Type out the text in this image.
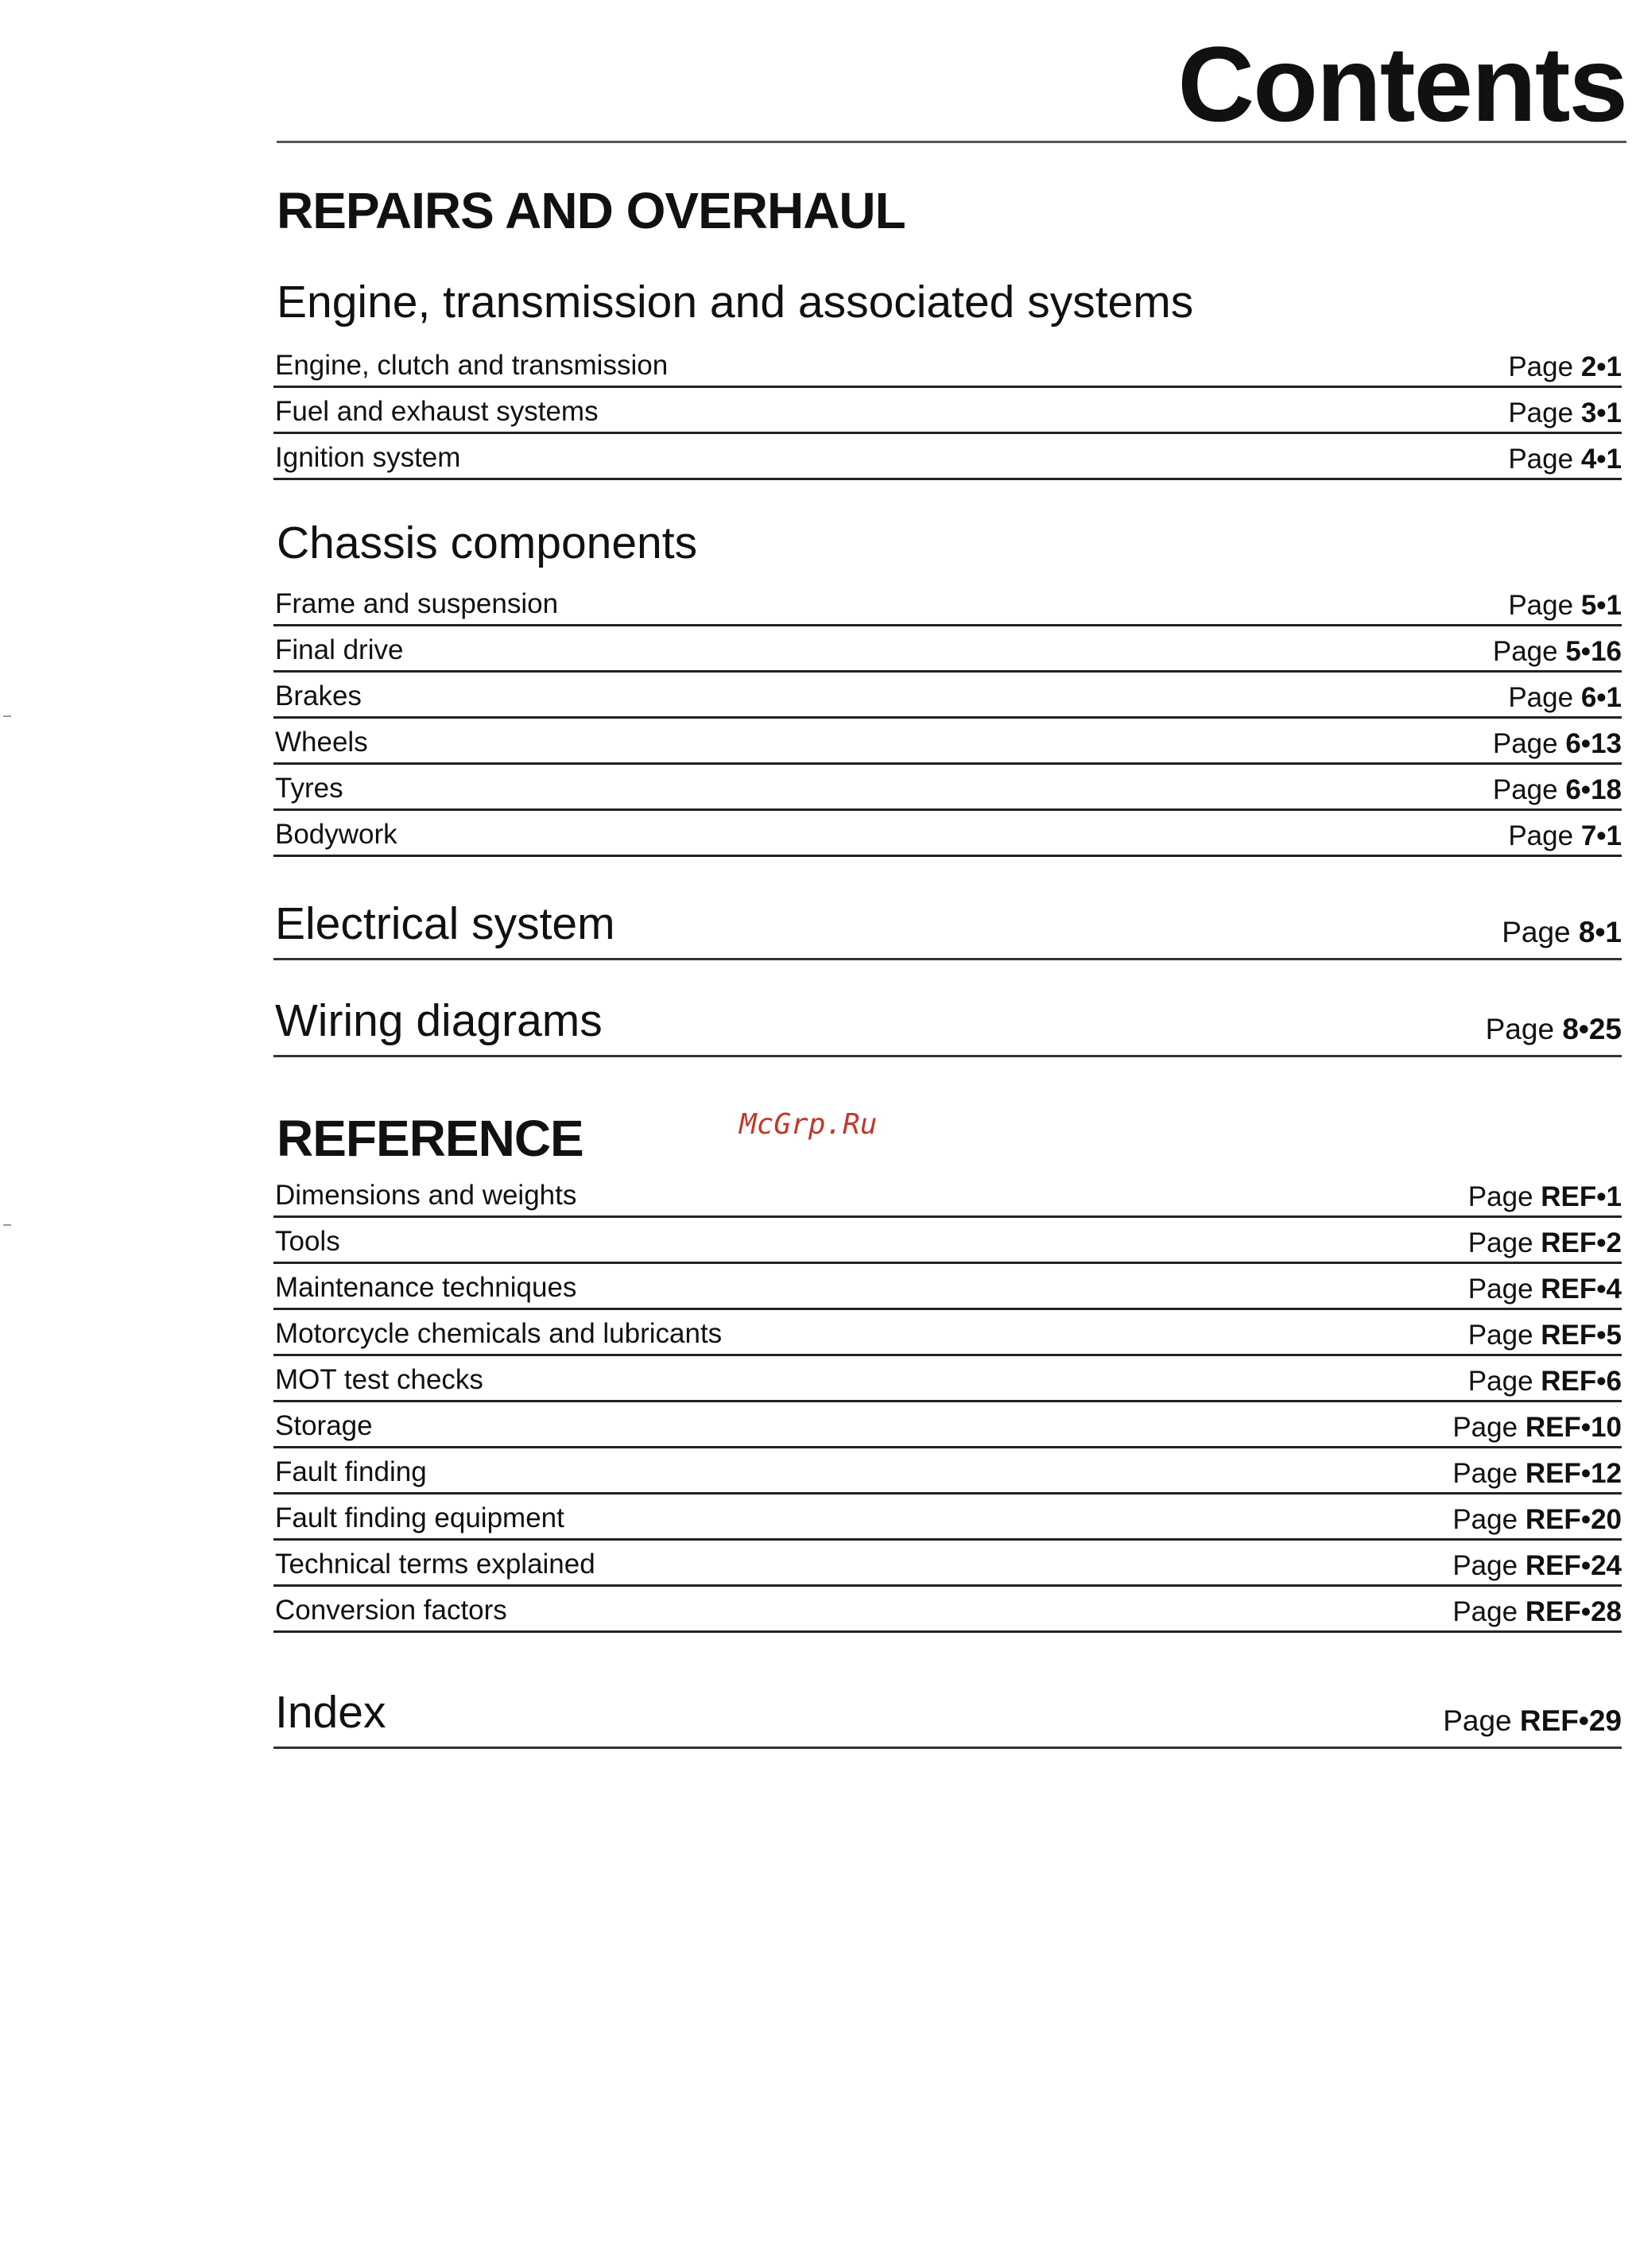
Contents
REPAIRS AND OVERHAUL
Engine, transmission and associated systems
Engine, clutch and transmission	Page 2•1
Fuel and exhaust systems	Page 3•1
Ignition system	Page 4•1
Chassis components
Frame and suspension	Page 5•1
Final drive	Page 5•16
Brakes	Page 6•1
Wheels	Page 6•13
Tyres	Page 6•18
Bodywork	Page 7•1
Electrical system	Page 8•1
Wiring diagrams	Page 8•25
REFERENCE
Dimensions and weights	Page REF•1
Tools	Page REF•2
Maintenance techniques	Page REF•4
Motorcycle chemicals and lubricants	Page REF•5
MOT test checks	Page REF•6
Storage	Page REF•10
Fault finding	Page REF•12
Fault finding equipment	Page REF•20
Technical terms explained	Page REF•24
Conversion factors	Page REF•28
Index	Page REF•29
McGrp.Ru
